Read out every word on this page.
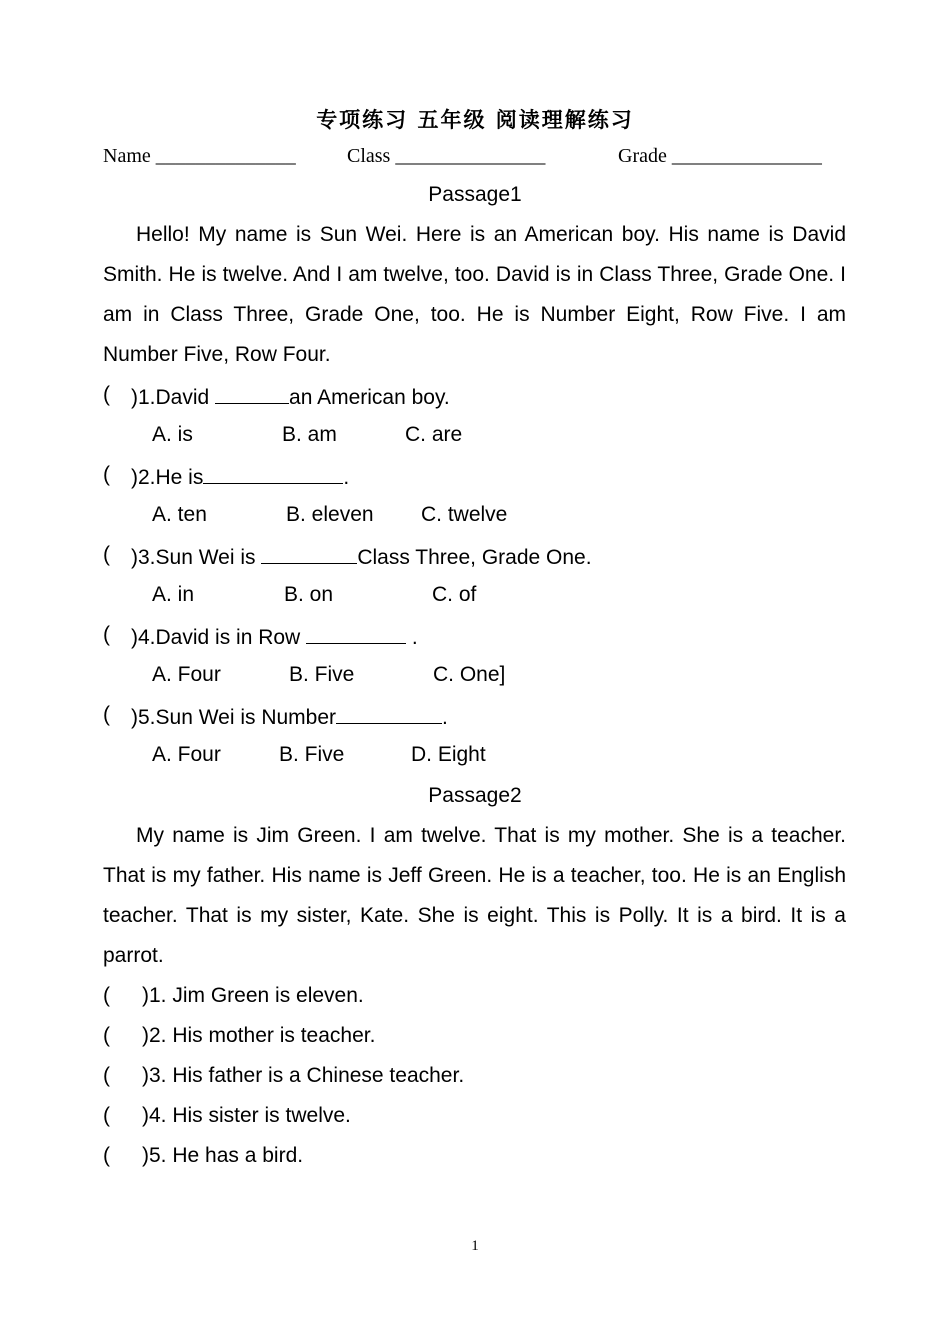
专项练习 五年级 阅读理解练习
Name ______________	Class _______________	Grade _______________
Passage1
Hello! My name is Sun Wei. Here is an American boy. His name is David Smith. He is twelve. And I am twelve, too. David is in Class Three, Grade One. I am in Class Three, Grade One, too. He is Number Eight, Row Five. I am Number Five, Row Four.
( )1.David	an American boy.
A. is	B. am	C. are
( )2.He is	.
A. ten	B. eleven C. twelve
( )3.Sun Wei is	Class Three, Grade One.
A. in	B. on	C. of
( )4.David is in Row	.
A. Four	B. Five	C. One]
( )5.Sun Wei is Number	.
A. Four	B. Five	D. Eight
Passage2
My name is Jim Green. I am twelve. That is my mother. She is a teacher. That is my father. His name is Jeff Green. He is a teacher, too. He is an English teacher. That is my sister, Kate. She is eight. This is Polly. It is a bird. It is a parrot.
( )1. Jim Green is eleven.
( )2. His mother is teacher.
( )3. His father is a Chinese teacher.
( )4. His sister is twelve.
( )5. He has a bird.
1
